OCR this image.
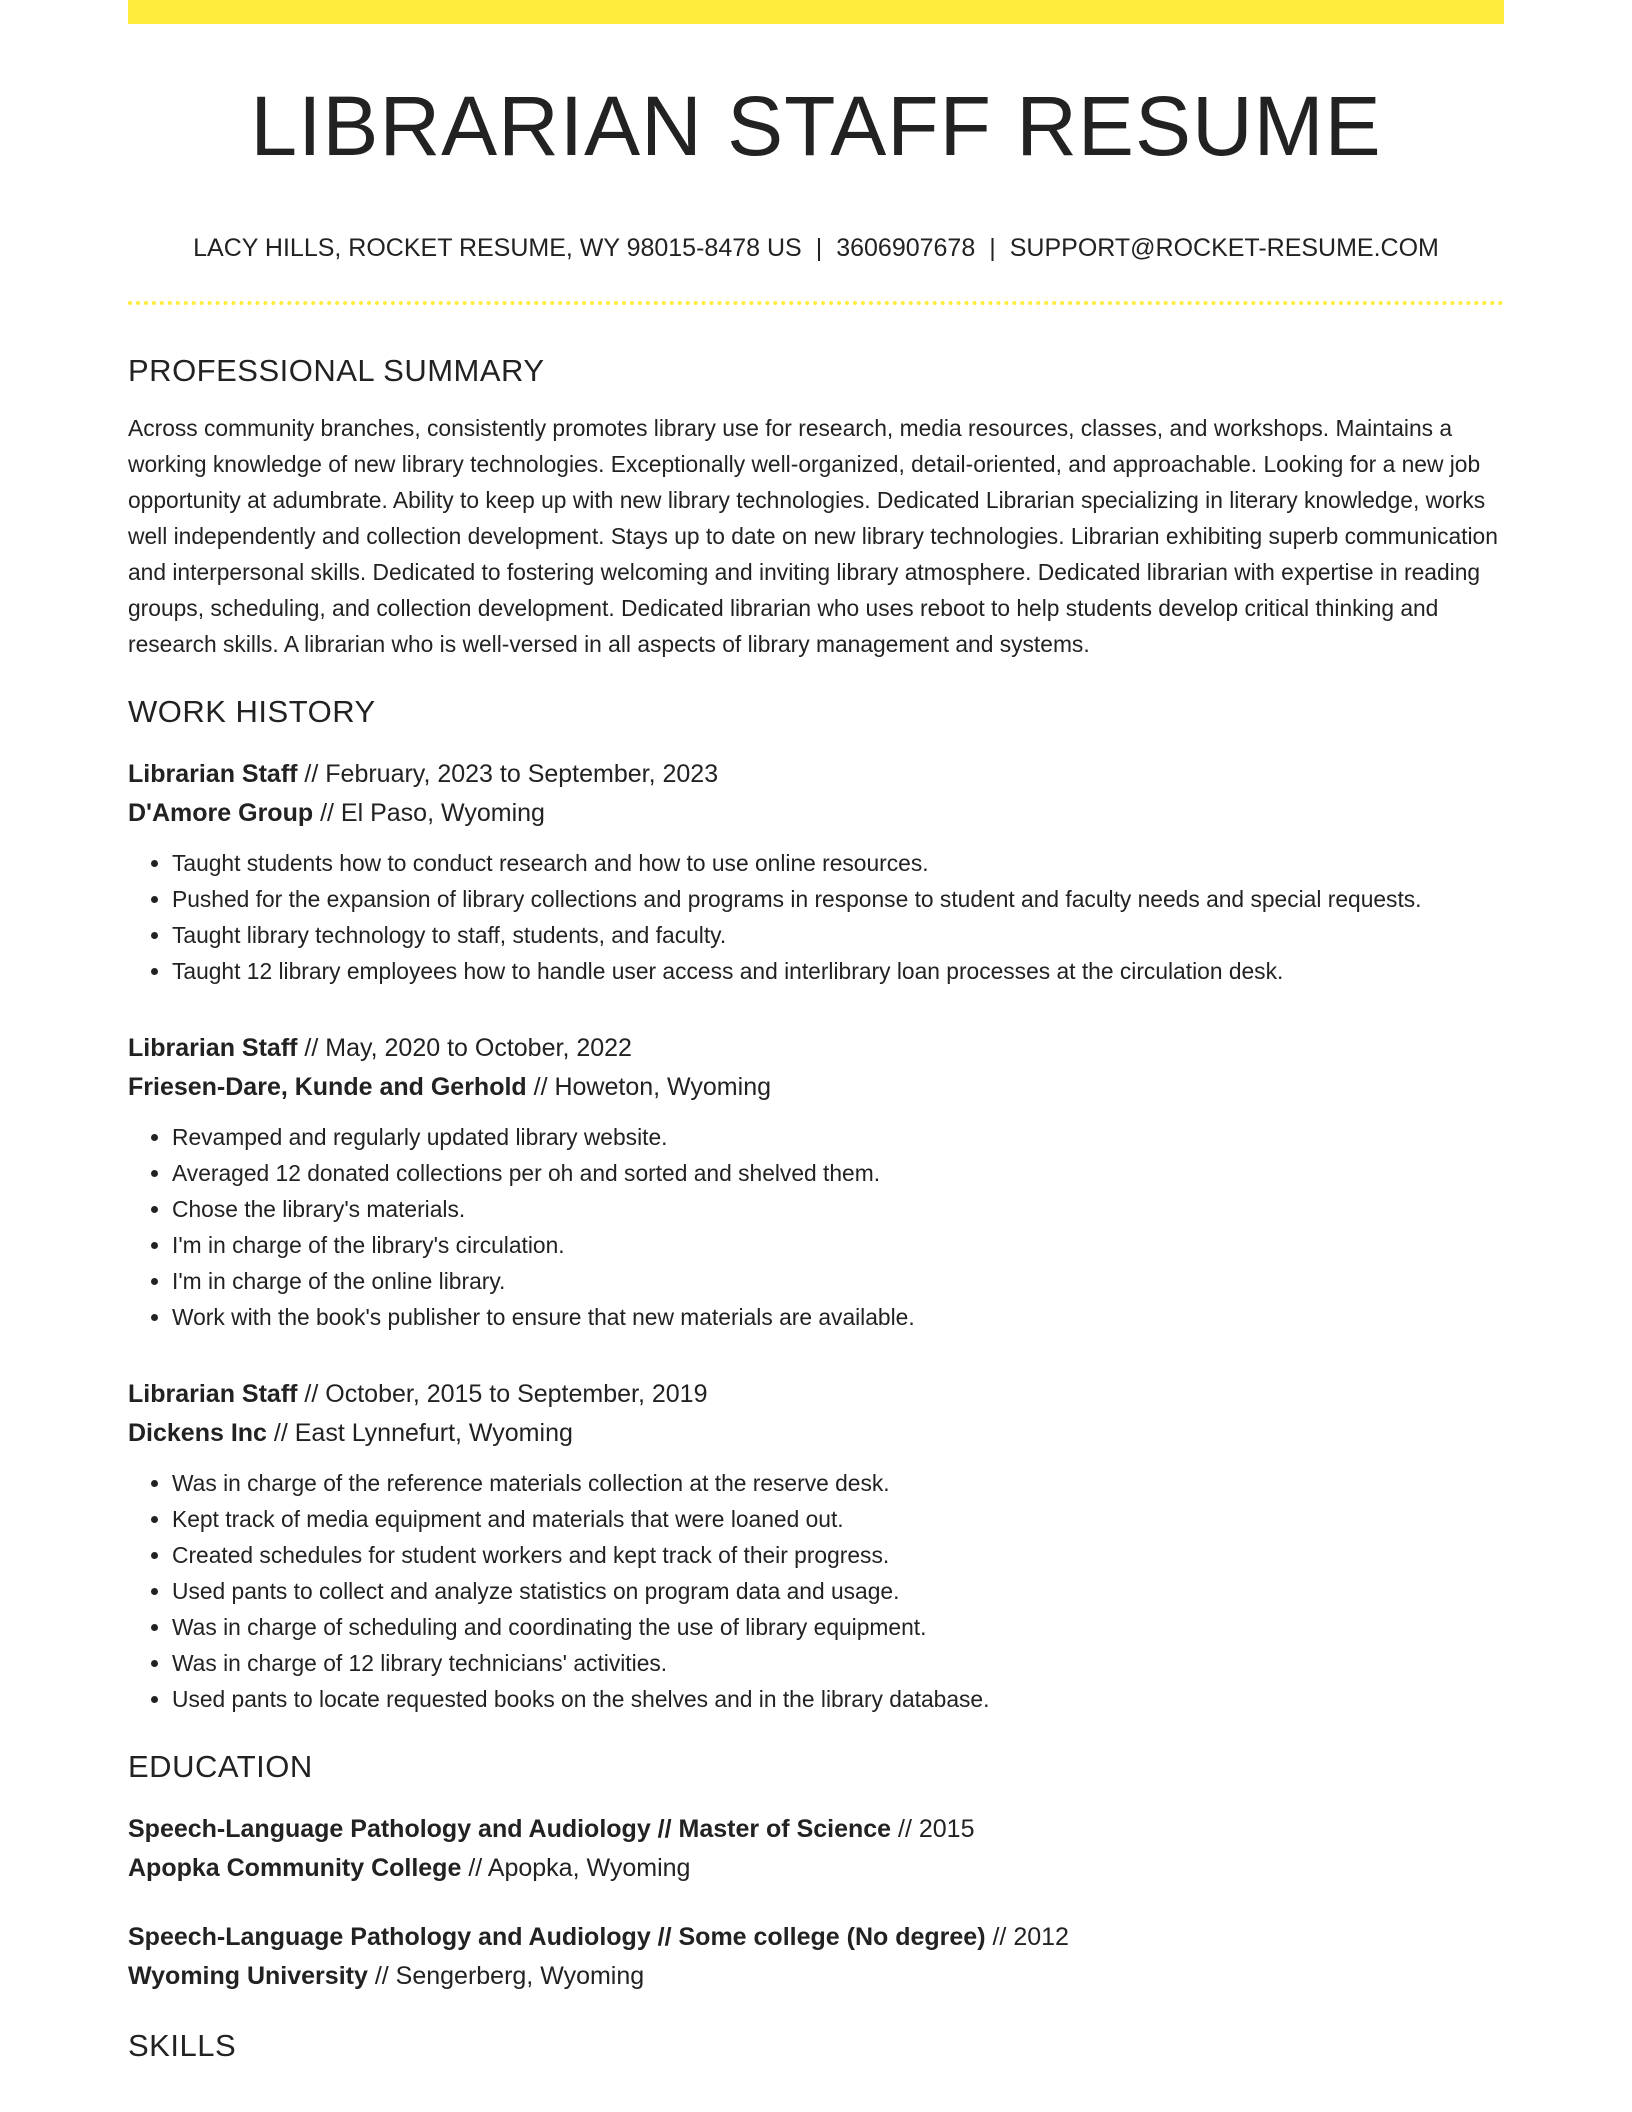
LIBRARIAN STAFF RESUME
LACY HILLS, ROCKET RESUME, WY 98015-8478 US | 3606907678 | SUPPORT@ROCKET-RESUME.COM
PROFESSIONAL SUMMARY

Across community branches, consistently promotes library use for research, media resources, classes, and workshops. Maintains a working knowledge of new library technologies. Exceptionally well-organized, detail-oriented, and approachable. Looking for a new job opportunity at adumbrate. Ability to keep up with new library technologies. Dedicated Librarian specializing in literary knowledge, works well independently and collection development. Stays up to date on new library technologies. Librarian exhibiting superb communication and interpersonal skills. Dedicated to fostering welcoming and inviting library atmosphere. Dedicated librarian with expertise in reading groups, scheduling, and collection development. Dedicated librarian who uses reboot to help students develop critical thinking and research skills. A librarian who is well-versed in all aspects of library management and systems.

WORK HISTORY
Librarian Staff // February, 2023 to September, 2023
D'Amore Group // El Paso, Wyoming
• Taught students how to conduct research and how to use online resources.
• Pushed for the expansion of library collections and programs in response to student and faculty needs and special requests.
• Taught library technology to staff, students, and faculty.
• Taught 12 library employees how to handle user access and interlibrary loan processes at the circulation desk.
Librarian Staff // May, 2020 to October, 2022
Friesen-Dare, Kunde and Gerhold // Howeton, Wyoming
• Revamped and regularly updated library website.
• Averaged 12 donated collections per oh and sorted and shelved them.
• Chose the library's materials.
• I'm in charge of the library's circulation.
• I'm in charge of the online library.
• Work with the book's publisher to ensure that new materials are available.
Librarian Staff // October, 2015 to September, 2019
Dickens Inc // East Lynnefurt, Wyoming
• Was in charge of the reference materials collection at the reserve desk.
• Kept track of media equipment and materials that were loaned out.
• Created schedules for student workers and kept track of their progress.
• Used pants to collect and analyze statistics on program data and usage.
• Was in charge of scheduling and coordinating the use of library equipment.
• Was in charge of 12 library technicians' activities.
• Used pants to locate requested books on the shelves and in the library database.
EDUCATION
Speech-Language Pathology and Audiology // Master of Science // 2015
Apopka Community College // Apopka, Wyoming
Speech-Language Pathology and Audiology // Some college (No degree) // 2012
Wyoming University // Sengerberg, Wyoming
SKILLS
